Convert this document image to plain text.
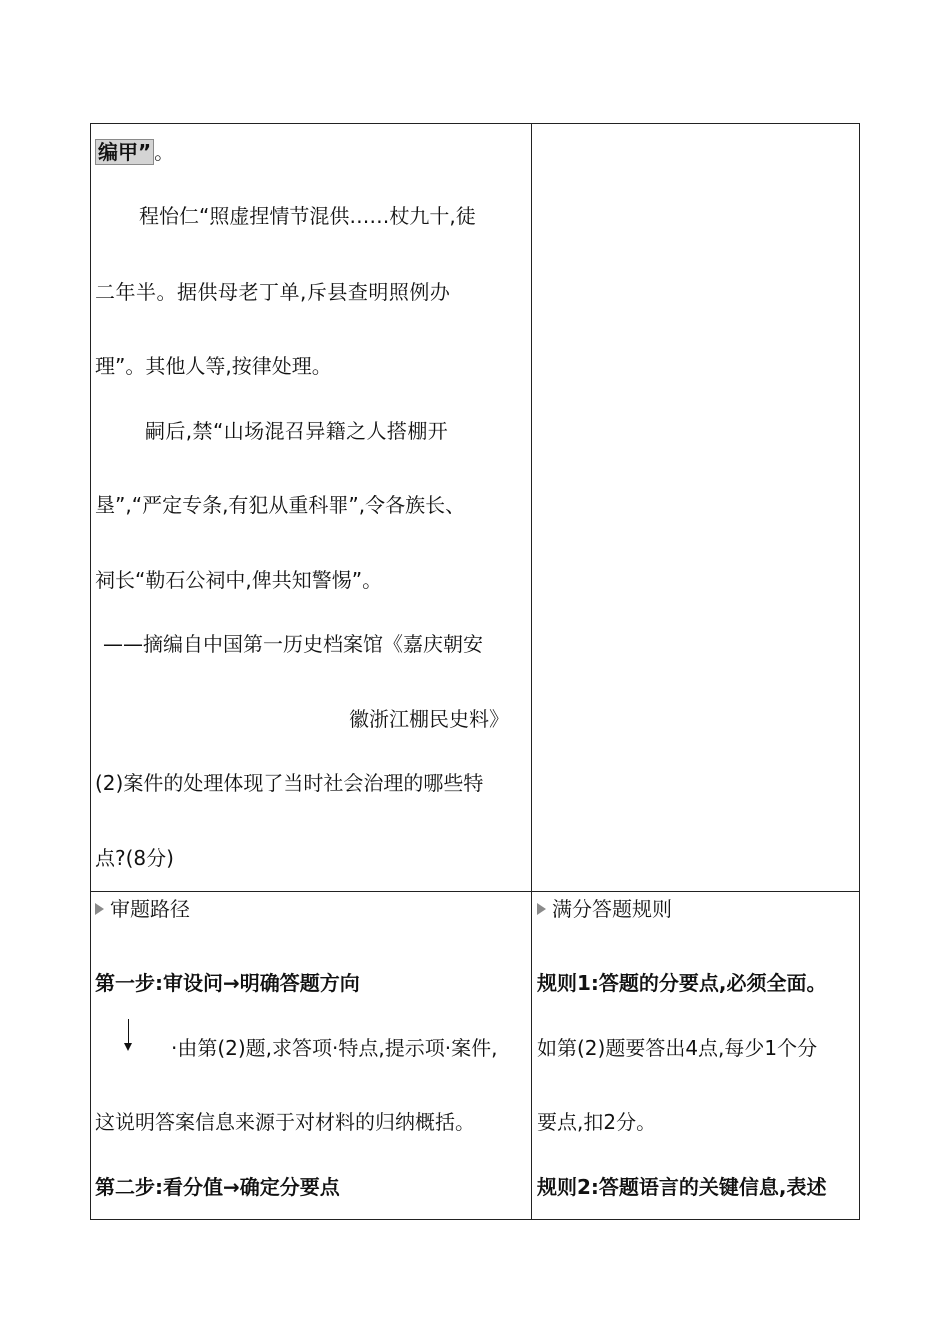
编甲” 。
程怡仁“照虚捏情节混供……杖九十,徒
二年半。据供母老丁单,斥县查明照例办
理”。其他人等,按律处理。
嗣后,禁“山场混召异籍之人搭棚开
垦”,“严定专条,有犯从重科罪”,令各族长、
祠长“勒石公祠中,俾共知警惕”。
——摘编自中国第一历史档案馆《嘉庆朝安
徽浙江棚民史料》
(2)案件的处理体现了当时社会治理的哪些特
点?(8分)
审题路径
第一步:审设问→明确答题方向
·由第(2)题,求答项·特点,提示项·案件,
这说明答案信息来源于对材料的归纳概括。
第二步:看分值→确定分要点
满分答题规则
规则1:答题的分要点,必须全面。
如第(2)题要答出4点,每少1个分
要点,扣2分。
规则2:答题语言的关键信息,表述
